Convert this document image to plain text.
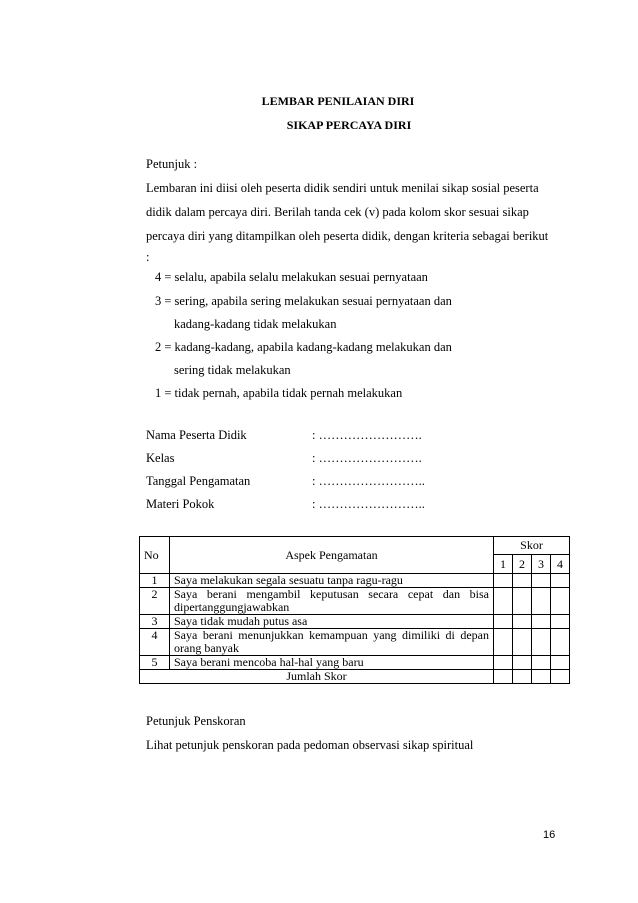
LEMBAR PENILAIAN DIRI
SIKAP PERCAYA DIRI
Petunjuk :
Lembaran ini diisi oleh peserta didik sendiri untuk menilai sikap sosial peserta
didik dalam percaya diri. Berilah tanda cek (v) pada kolom skor sesuai sikap
percaya diri yang ditampilkan oleh peserta didik, dengan kriteria sebagai berikut
:
4 = selalu, apabila selalu melakukan sesuai pernyataan
3 = sering, apabila sering melakukan sesuai pernyataan dan
kadang-kadang tidak melakukan
2 = kadang-kadang, apabila kadang-kadang melakukan dan
sering tidak melakukan
1 = tidak pernah, apabila tidak pernah melakukan
Nama Peserta Didik	: …………………….
Kelas	: …………………….
Tanggal Pengamatan	: ……………………..
Materi Pokok	: ……………………..
No	Aspek Pengamatan	Skor			
		1	2	3	4
1	Saya melakukan segala sesuatu tanpa ragu-ragu				
2	Saya berani mengambil keputusan secara cepat dan bisa dipertanggungjawabkan				
3	Saya tidak mudah putus asa				
4	Saya berani menunjukkan kemampuan yang dimiliki di depan orang banyak				
5	Saya berani mencoba hal-hal yang baru				
Jumlah Skor					
Petunjuk Penskoran
Lihat petunjuk penskoran pada pedoman observasi sikap spiritual
16
